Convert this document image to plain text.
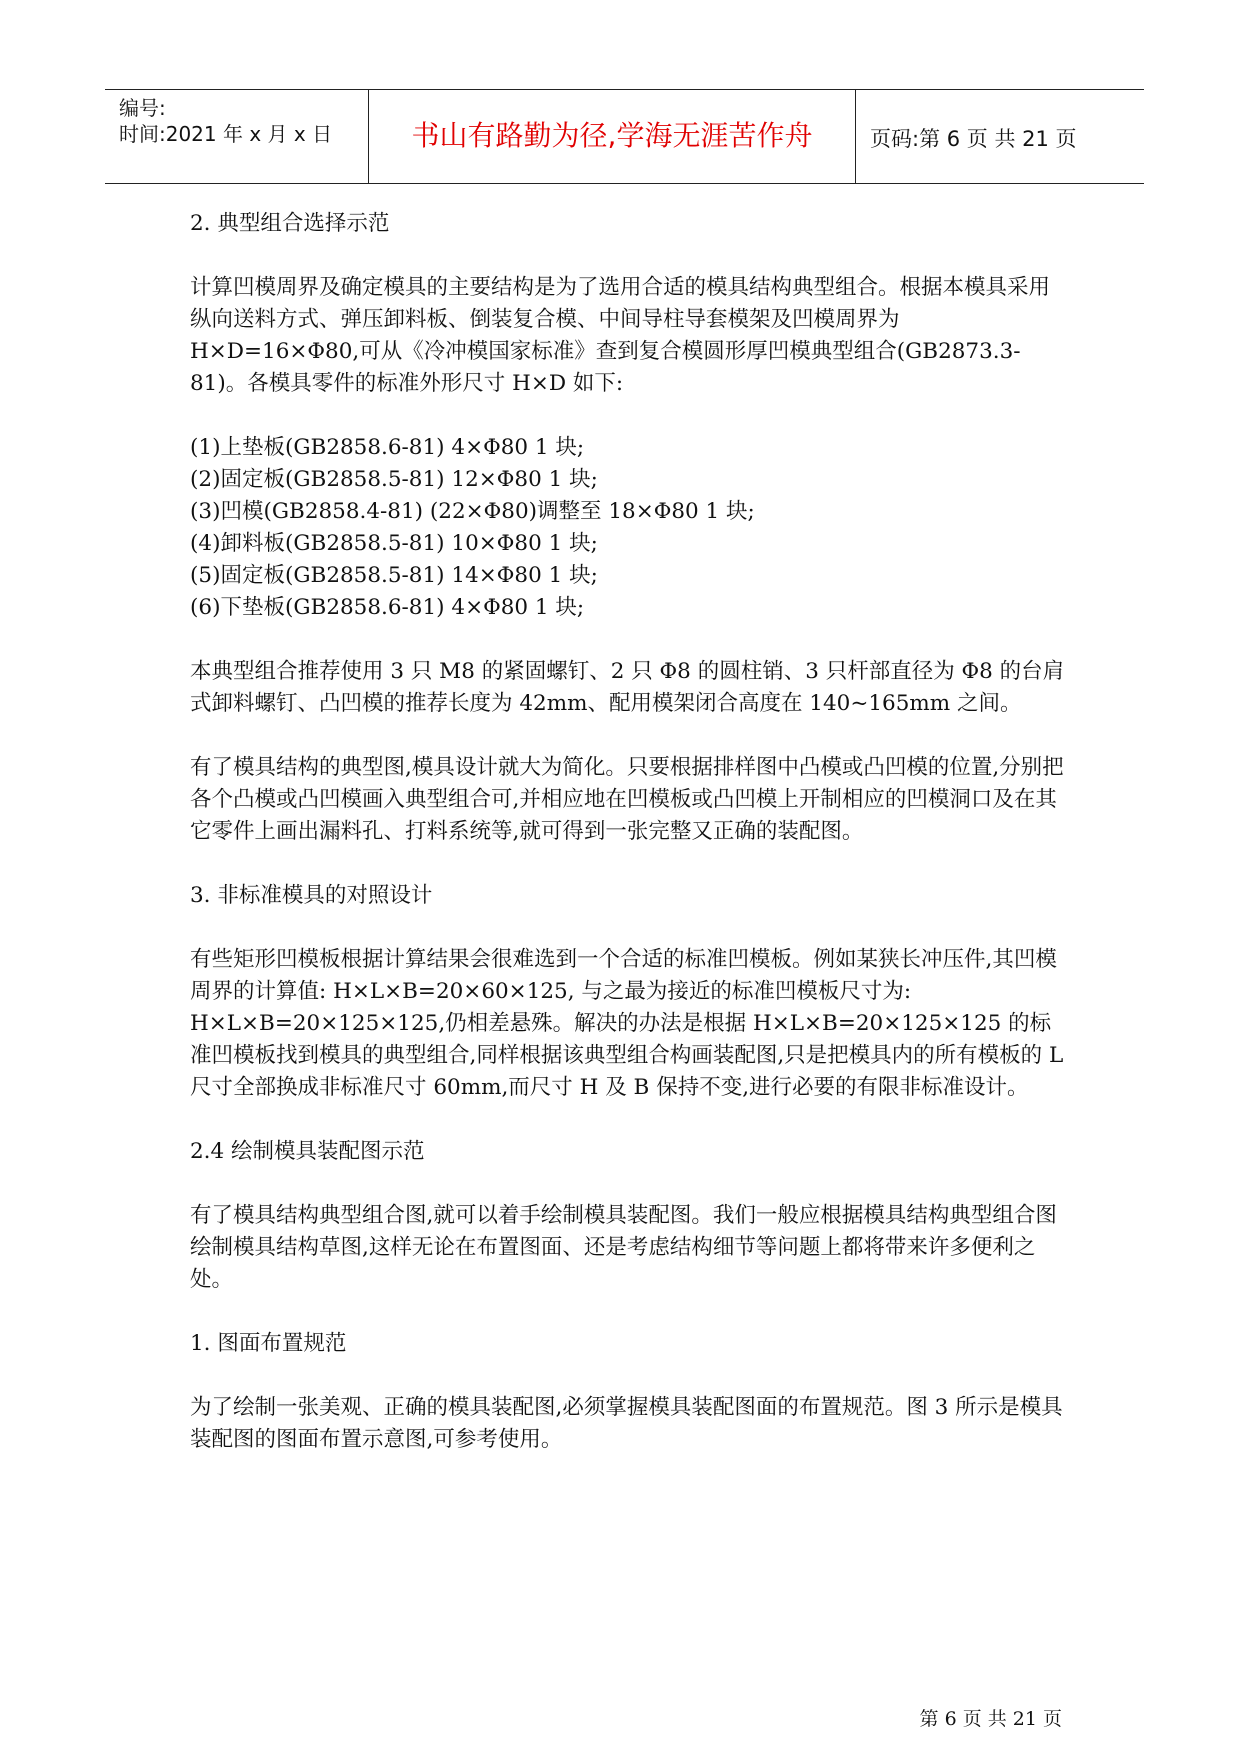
编号:
时间:2021 年 x 月 x 日	书山有路勤为径,学海无涯苦作舟	页码:第 6 页 共 21 页

2. 典型组合选择示范

计算凹模周界及确定模具的主要结构是为了选用合适的模具结构典型组合。根据本模具采用纵向送料方式、弹压卸料板、倒装复合模、中间导柱导套模架及凹模周界为 H×D=16×Φ80,可从《冷冲模国家标准》查到复合模圆形厚凹模典型组合(GB2873.3-81)。各模具零件的标准外形尺寸 H×D 如下:

(1)上垫板(GB2858.6-81) 4×Φ80 1 块;

(2)固定板(GB2858.5-81) 12×Φ80 1 块;

(3)凹模(GB2858.4-81) (22×Φ80)调整至 18×Φ80 1 块;

(4)卸料板(GB2858.5-81) 10×Φ80 1 块;

(5)固定板(GB2858.5-81) 14×Φ80 1 块;

(6)下垫板(GB2858.6-81) 4×Φ80 1 块;

本典型组合推荐使用 3 只 M8 的紧固螺钉、2 只 Φ8 的圆柱销、3 只杆部直径为 Φ8 的台肩式卸料螺钉、凸凹模的推荐长度为 42mm、配用模架闭合高度在 140~165mm 之间。

有了模具结构的典型图,模具设计就大为简化。只要根据排样图中凸模或凸凹模的位置,分别把各个凸模或凸凹模画入典型组合可,并相应地在凹模板或凸凹模上开制相应的凹模洞口及在其它零件上画出漏料孔、打料系统等,就可得到一张完整又正确的装配图。

3. 非标准模具的对照设计

有些矩形凹模板根据计算结果会很难选到一个合适的标准凹模板。例如某狭长冲压件,其凹模周界的计算值: H×L×B=20×60×125, 与之最为接近的标准凹模板尺寸为: H×L×B=20×125×125,仍相差悬殊。解决的办法是根据 H×L×B=20×125×125 的标准凹模板找到模具的典型组合,同样根据该典型组合构画装配图,只是把模具内的所有模板的 L 尺寸全部换成非标准尺寸 60mm,而尺寸 H 及 B 保持不变,进行必要的有限非标准设计。

2.4 绘制模具装配图示范

有了模具结构典型组合图,就可以着手绘制模具装配图。我们一般应根据模具结构典型组合图绘制模具结构草图,这样无论在布置图面、还是考虑结构细节等问题上都将带来许多便利之处。

1. 图面布置规范

为了绘制一张美观、正确的模具装配图,必须掌握模具装配图面的布置规范。图 3 所示是模具装配图的图面布置示意图,可参考使用。

第 6 页 共 21 页
